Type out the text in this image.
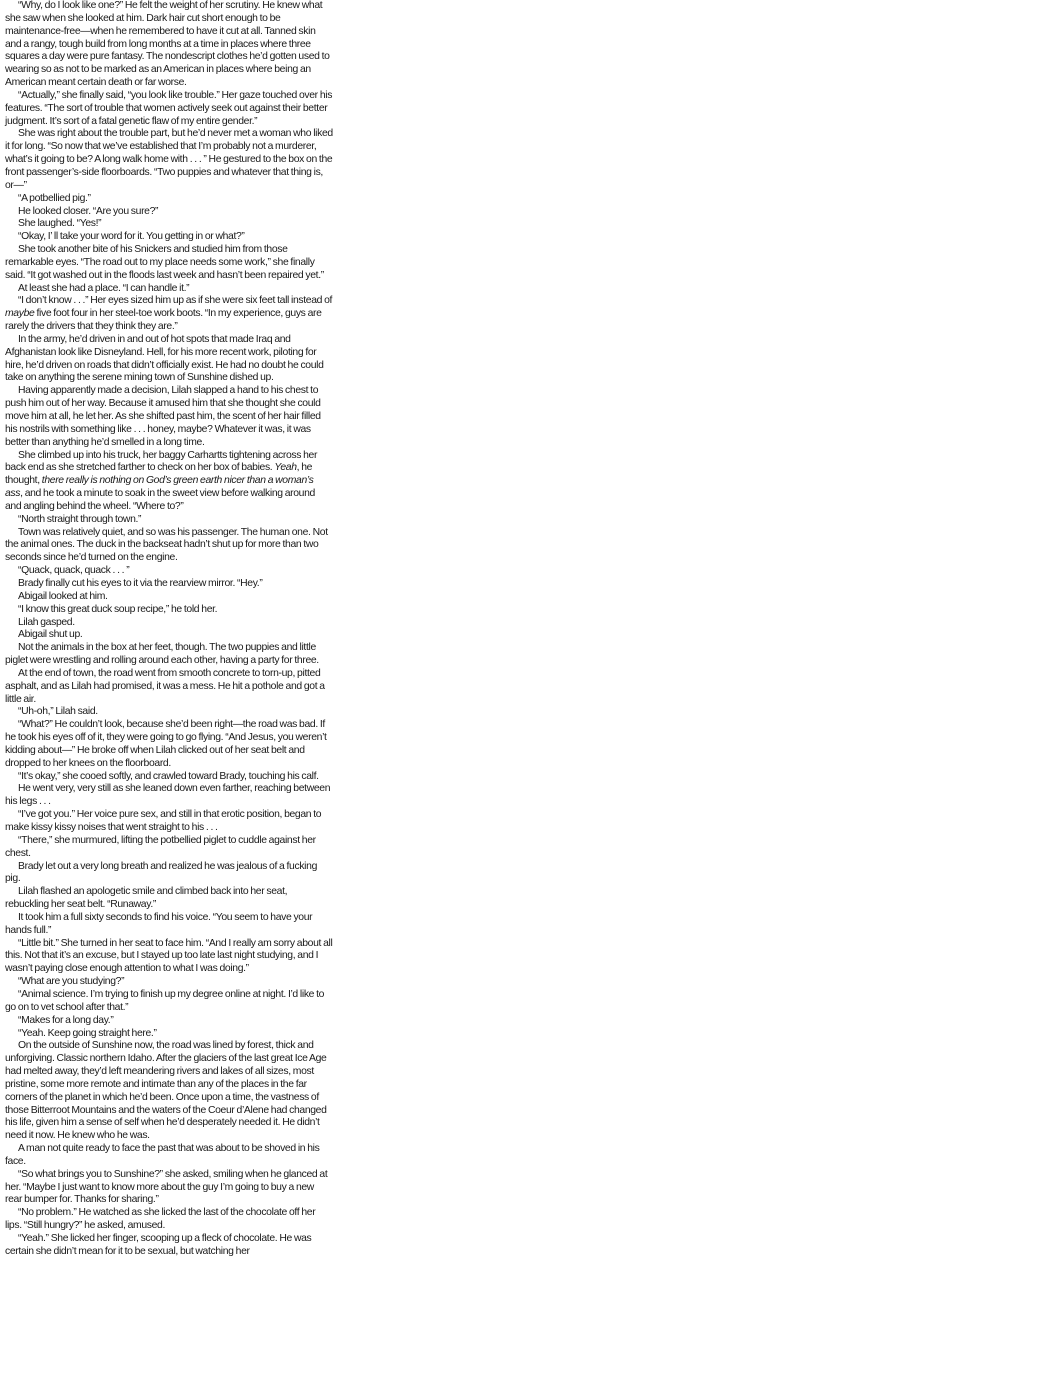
“Why, do I look like one?” He felt the weight of her scrutiny. He knew what she saw when she looked at him. Dark hair cut short enough to be maintenance-free—when he remembered to have it cut at all. Tanned skin and a rangy, tough build from long months at a time in places where three squares a day were pure fantasy. The nondescript clothes he’d gotten used to wearing so as not to be marked as an American in places where being an American meant certain death or far worse.

“Actually,” she finally said, “you look like trouble.” Her gaze touched over his features. “The sort of trouble that women actively seek out against their better judgment. It’s sort of a fatal genetic flaw of my entire gender.”

She was right about the trouble part, but he’d never met a woman who liked it for long. “So now that we’ve established that I’m probably not a murderer, what’s it going to be? A long walk home with . . . ” He gestured to the box on the front passenger’s-side floorboards. “Two puppies and whatever that thing is, or—”

“A potbellied pig.”

He looked closer. “Are you sure?”

She laughed. “Yes!”

“Okay, I’ ll take your word for it. You getting in or what?”

She took another bite of his Snickers and studied him from those remarkable eyes. “The road out to my place needs some work,” she finally said. “It got washed out in the floods last week and hasn’t been repaired yet.”

At least she had a place. “I can handle it.”

“I don’t know . . .” Her eyes sized him up as if she were six feet tall instead of maybe five foot four in her steel-toe work boots. “In my experience, guys are rarely the drivers that they think they are.”

In the army, he’d driven in and out of hot spots that made Iraq and Afghanistan look like Disneyland. Hell, for his more recent work, piloting for hire, he’d driven on roads that didn’t officially exist. He had no doubt he could take on anything the serene mining town of Sunshine dished up.

Having apparently made a decision, Lilah slapped a hand to his chest to push him out of her way. Because it amused him that she thought she could move him at all, he let her. As she shifted past him, the scent of her hair filled his nostrils with something like . . . honey, maybe? Whatever it was, it was better than anything he’d smelled in a long time.

She climbed up into his truck, her baggy Carhartts tightening across her back end as she stretched farther to check on her box of babies. Yeah, he thought, there really is nothing on God’s green earth nicer than a woman’s ass, and he took a minute to soak in the sweet view before walking around and angling behind the wheel. “Where to?”

“North straight through town.”

Town was relatively quiet, and so was his passenger. The human one. Not the animal ones. The duck in the backseat hadn’t shut up for more than two seconds since he’d turned on the engine.

“Quack, quack, quack . . . ”

Brady finally cut his eyes to it via the rearview mirror. “Hey.”

Abigail looked at him.

“I know this great duck soup recipe,” he told her.

Lilah gasped.

Abigail shut up.

Not the animals in the box at her feet, though. The two puppies and little piglet were wrestling and rolling around each other, having a party for three.

At the end of town, the road went from smooth concrete to torn-up, pitted asphalt, and as Lilah had promised, it was a mess. He hit a pothole and got a little air.

“Uh-oh,” Lilah said.

“What?” He couldn’t look, because she’d been right—the road was bad. If he took his eyes off of it, they were going to go flying. “And Jesus, you weren’t kidding about—” He broke off when Lilah clicked out of her seat belt and dropped to her knees on the floorboard.

“It’s okay,” she cooed softly, and crawled toward Brady, touching his calf.

He went very, very still as she leaned down even farther, reaching between his legs . . .

“I’ve got you.” Her voice pure sex, and still in that erotic position, began to make kissy kissy noises that went straight to his . . .

“There,” she murmured, lifting the potbellied piglet to cuddle against her chest.

Brady let out a very long breath and realized he was jealous of a fucking pig.

Lilah flashed an apologetic smile and climbed back into her seat, rebuckling her seat belt. “Runaway.”

It took him a full sixty seconds to find his voice. “You seem to have your hands full.”

“Little bit.” She turned in her seat to face him. “And I really am sorry about all this. Not that it’s an excuse, but I stayed up too late last night studying, and I wasn’t paying close enough attention to what I was doing.”

“What are you studying?”

“Animal science. I’m trying to finish up my degree online at night. I’d like to go on to vet school after that.”

“Makes for a long day.”

“Yeah. Keep going straight here.”

On the outside of Sunshine now, the road was lined by forest, thick and unforgiving. Classic northern Idaho. After the glaciers of the last great Ice Age had melted away, they’d left meandering rivers and lakes of all sizes, most pristine, some more remote and intimate than any of the places in the far corners of the planet in which he’d been. Once upon a time, the vastness of those Bitterroot Mountains and the waters of the Coeur d’Alene had changed his life, given him a sense of self when he’d desperately needed it. He didn’t need it now. He knew who he was.

A man not quite ready to face the past that was about to be shoved in his face.

“So what brings you to Sunshine?” she asked, smiling when he glanced at her. “Maybe I just want to know more about the guy I’m going to buy a new rear bumper for. Thanks for sharing.”

“No problem.” He watched as she licked the last of the chocolate off her lips. “Still hungry?” he asked, amused.

“Yeah.” She licked her finger, scooping up a fleck of chocolate. He was certain she didn’t mean for it to be sexual, but watching her
